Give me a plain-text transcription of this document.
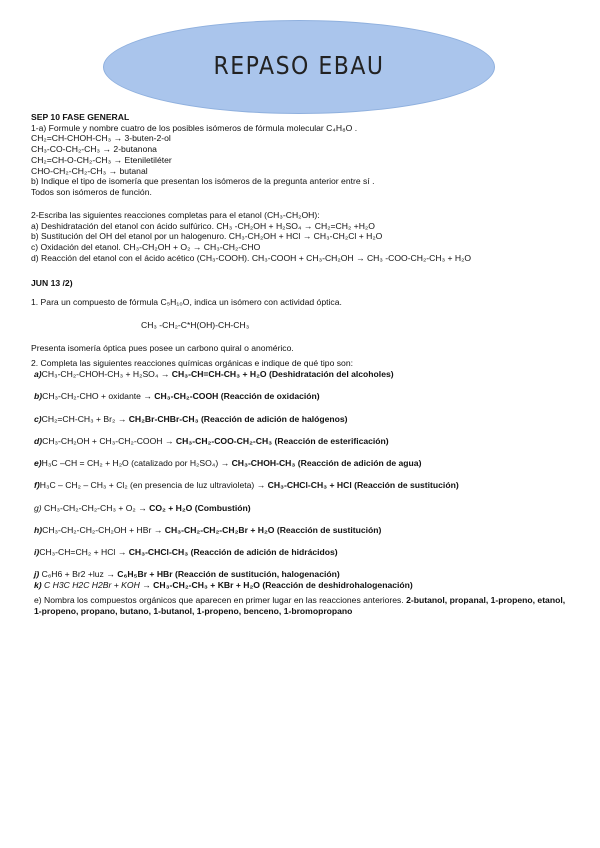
REPASO EBAU
SEP 10 FASE GENERAL
1-a) Formule y nombre cuatro de los posibles isómeros de fórmula molecular C₄H₈O .
CH₂=CH-CHOH-CH₃ → 3-buten-2-ol
CH₃-CO-CH₂-CH₃ → 2-butanona
CH₂=CH-O-CH₂-CH₃ → Eteniletiléter
CHO-CH₂-CH₂-CH₃ → butanal
b) Indique el tipo de isomería que presentan los isómeros de la pregunta anterior entre sí .
Todos son isómeros de función.
2-Escriba las siguientes reacciones completas para el etanol (CH₃-CH₂OH):
a) Deshidratación del etanol con ácido sulfúrico. CH₃ -CH₂OH + H₂SO₄ → CH₂=CH₂ +H₂O
b) Sustitución del OH del etanol por un halogenuro. CH₃-CH₂OH + HCl → CH₃-CH₂Cl + H₂O
c) Oxidación del etanol. CH₃-CH₂OH + O₂ → CH₃-CH₂-CHO
d) Reacción del etanol con el ácido acético (CH₃-COOH). CH₃-COOH + CH₃-CH₂OH → CH₃ -COO-CH₂-CH₃ + H₂O
JUN 13 /2)
1. Para un compuesto de fórmula C₅H₁₀O, indica un isómero con actividad óptica.
CH₃ -CH₂-C*H(OH)-CH-CH₃
Presenta isomería óptica pues posee un carbono quiral o anomérico.
2. Completa las siguientes reacciones químicas orgánicas e indique de qué tipo son:
a)CH₃-CH₂-CHOH-CH₃ + H₂SO₄ → CH₃-CH=CH-CH₃ + H₂O (Deshidratación del alcoholes)
b)CH₃-CH₂-CHO + oxidante → CH₃-CH₂-COOH (Reacción de oxidación)
c)CH₂=CH-CH₃ + Br₂ → CH₂Br-CHBr-CH₃ (Reacción de adición de halógenos)
d)CH₃-CH₂OH + CH₃-CH₂-COOH → CH₃-CH₂-COO-CH₂-CH₃ (Reacción de esterificación)
e)H₃C –CH = CH₂ + H₂O (catalizado por H₂SO₄) → CH₃-CHOH-CH₃ (Reacción de adición de agua)
f)H₃C – CH₂ – CH₃ + Cl₂ (en presencia de luz ultravioleta) → CH₃-CHCl-CH₃ + HCl (Reacción de sustitución)
g) CH₃-CH₂-CH₂-CH₃ + O₂ → CO₂ + H₂O (Combustión)
h)CH₃-CH₂-CH₂-CH₂OH + HBr → CH₃-CH₂-CH₂-CH₂Br + H₂O (Reacción de sustitución)
i)CH₃-CH=CH₂ + HCl → CH₃-CHCl-CH₃ (Reacción de adición de hidrácidos)
j) C₆H6 + Br2 +luz → C₆H₅Br + HBr (Reacción de sustitución, halogenación)
k) C H3C H2C H2Br + KOH → CH₃-CH₂-CH₃ + KBr + H₂O (Reacción de deshidrohalogenación)
e) Nombra los compuestos orgánicos que aparecen en primer lugar en las reacciones anteriores. 2-butanol, propanal, 1-propeno, etanol, 1-propeno, propano, butano, 1-butanol, 1-propeno, benceno, 1-bromopropano
